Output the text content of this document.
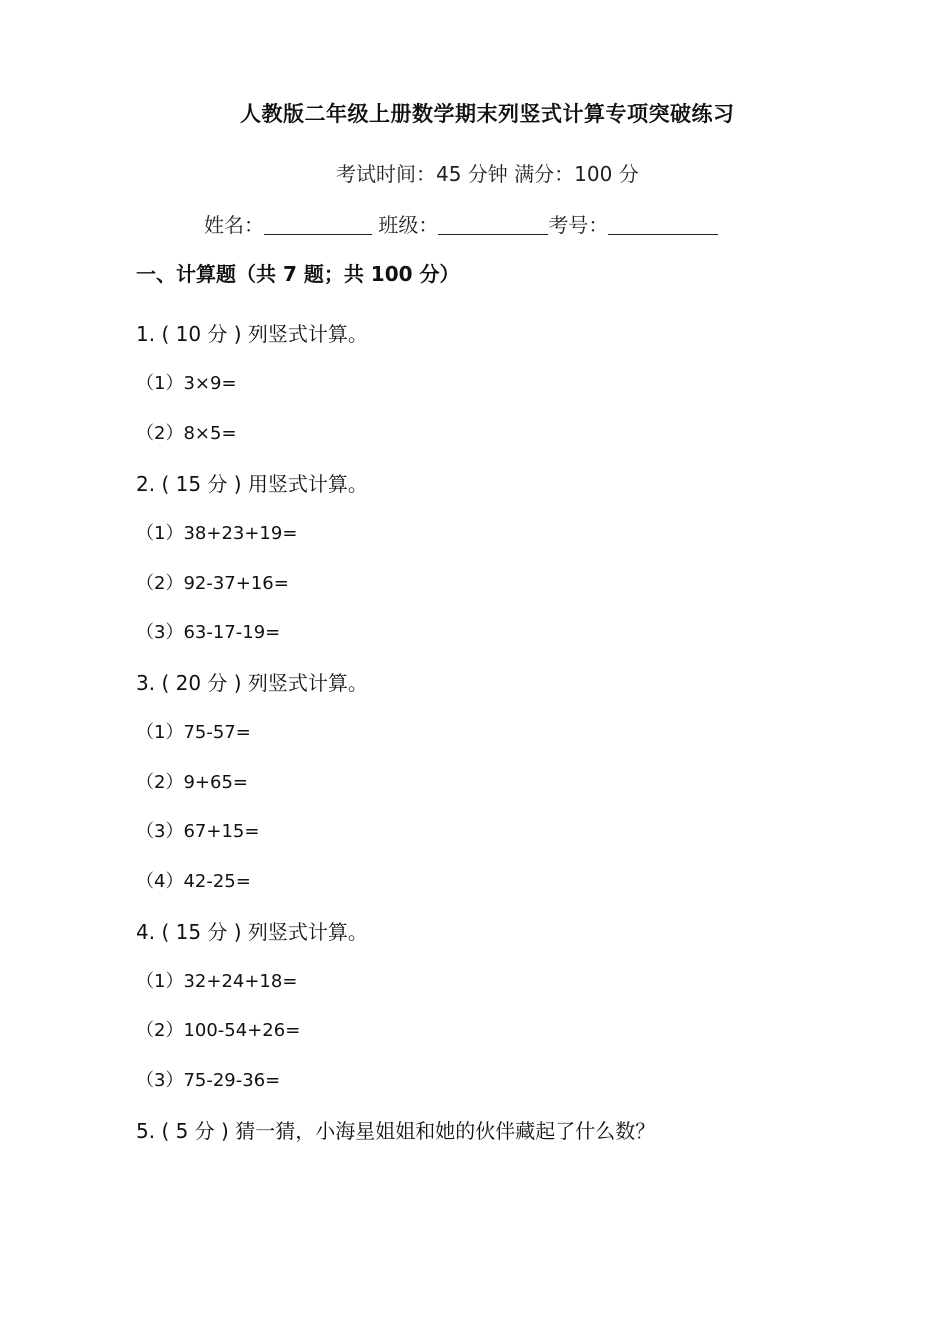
人教版二年级上册数学期末列竖式计算专项突破练习
考试时间：45 分钟 满分：100 分
姓名：	班级：	考号：
一、计算题（共 7 题；共 100 分）
1. ( 10 分 ) 列竖式计算。
（1）3×9=
（2）8×5=
2. ( 15 分 ) 用竖式计算。
（1）38+23+19=
（2）92-37+16=
（3）63-17-19=
3. ( 20 分 ) 列竖式计算。
（1）75-57=
（2）9+65=
（3）67+15=
（4）42-25=
4. ( 15 分 ) 列竖式计算。
（1）32+24+18=
（2）100-54+26=
（3）75-29-36=
5. ( 5 分 ) 猜一猜，小海星姐姐和她的伙伴藏起了什么数？
